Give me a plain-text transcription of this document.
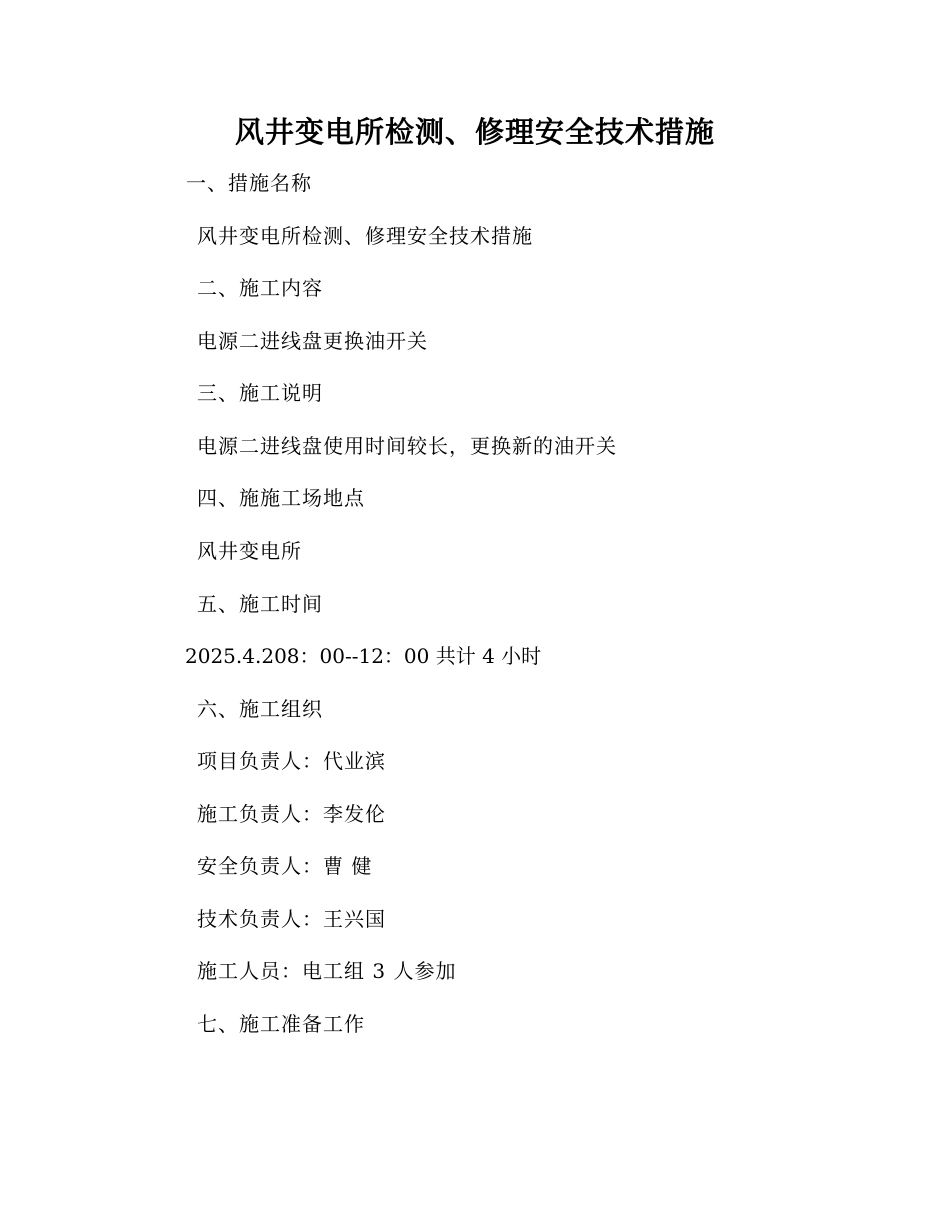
风井变电所检测、修理安全技术措施
一、措施名称
风井变电所检测、修理安全技术措施
二、施工内容
电源二进线盘更换油开关
三、施工说明
电源二进线盘使用时间较长，更换新的油开关
四、施施工场地点
风井变电所
五、施工时间
2025.4.208：00--12：00 共计 4 小时
六、施工组织
项目负责人：代业滨
施工负责人：李发伦
安全负责人：曹 健
技术负责人：王兴国
施工人员：电工组 3 人参加
七、施工准备工作
